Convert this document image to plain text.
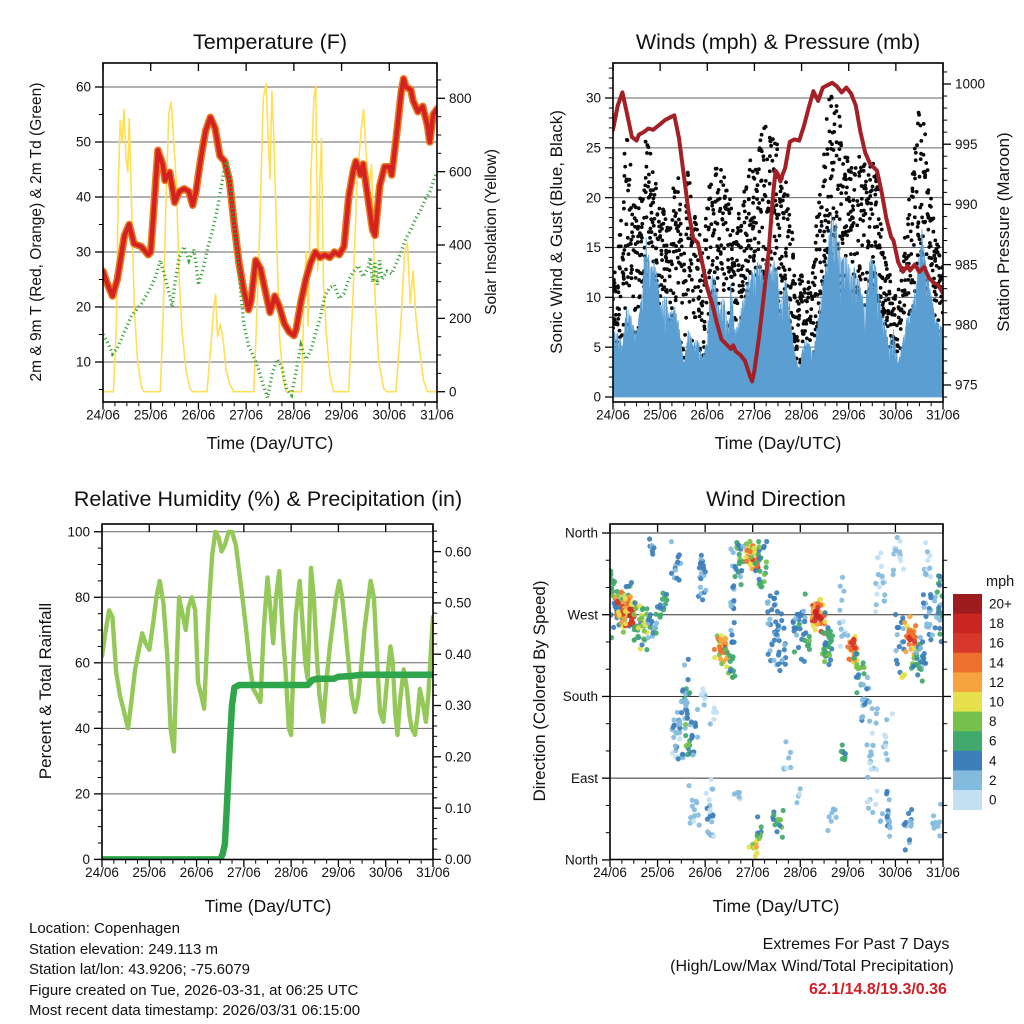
24/06 25/06 26/06 27/06 28/06 29/06 30/06 31/06
10
20
30
40
50
60
0
200
400
600
800
24/06 25/06 26/06 27/06 28/06 29/06 30/06 31/06
0
5
10
15
20
25
30
975
980
985
990
995
1000
24/06 25/06 26/06 27/06 28/06 29/06 30/06 31/06
0
20
40
60
80
100
0.00
0.10
0.20
0.30
0.40
0.50
0.60
24/06 25/06 26/06 27/06 28/06 29/06 30/06 31/06
North
East
South
West
North
20+
18
16
14
12
10
8
6
4
2
0
Temperature (F)	Winds (mph) & Pressure (mb)
Relative Humidity (%) & Precipitation (in)	Wind Direction
2m & 9m T (Red, Orange) & 2m Td (Green)	Solar Insolation (Yellow)	Sonic Wind & Gust (Blue, Black)	Station Pressure (Maroon)
Percent & Total Rainfall	Direction (Colored By Speed)
Time (Day/UTC)	Time (Day/UTC)
Time (Day/UTC)	Time (Day/UTC)
mph
Location: Copenhagen
Station elevation: 249.113 m
Station lat/lon: 43.9206; -75.6079
Figure created on Tue, 2026-03-31, at 06:25 UTC
Most recent data timestamp: 2026/03/31 06:15:00
Extremes For Past 7 Days
(High/Low/Max Wind/Total Precipitation)
62.1/14.8/19.3/0.36
